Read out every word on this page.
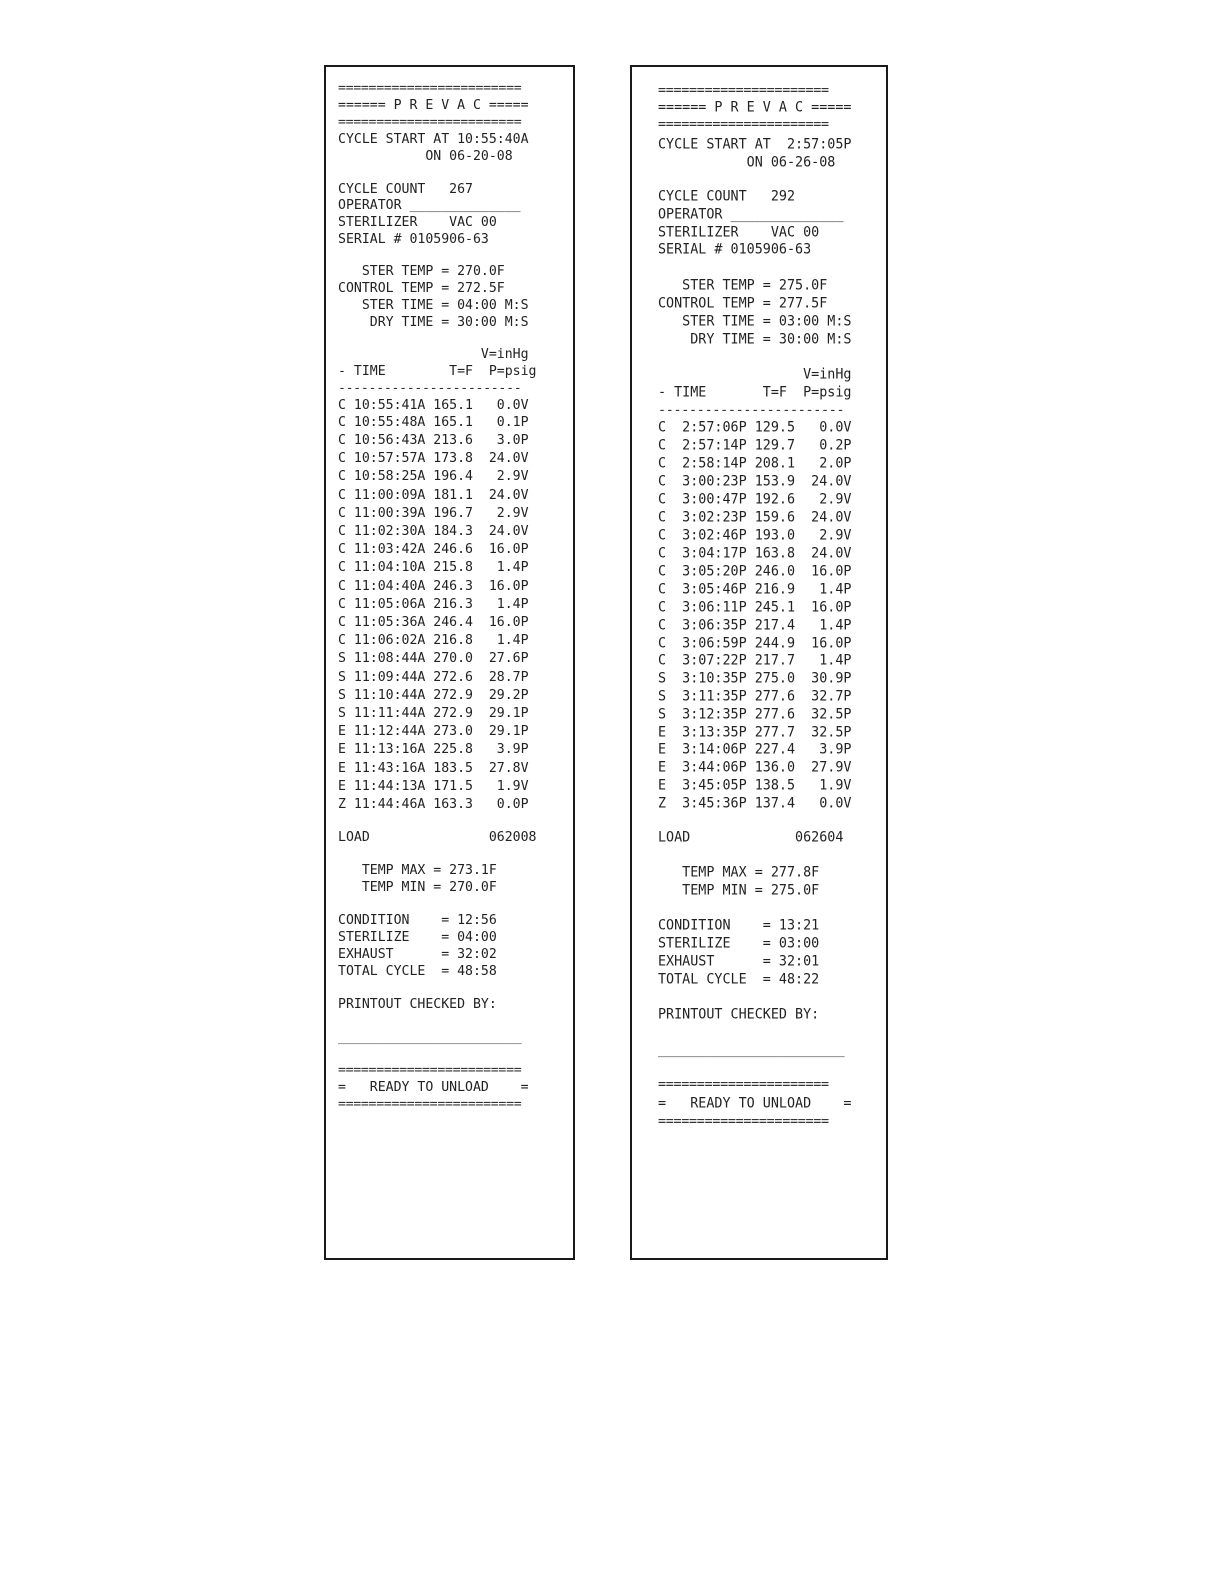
========================
====== P R E V A C =====
========================
CYCLE START AT 10:55:40A
ON 06-20-08
CYCLE COUNT   267
OPERATOR ______________
STERILIZER    VAC 00
SERIAL # 0105906-63
STER TEMP = 270.0F
CONTROL TEMP = 272.5F
STER TIME = 04:00 M:S
DRY TIME = 30:00 M:S
V=inHg
- TIME        T=F  P=psig
------------------------
C 10:55:41A 165.1   0.0V
C 10:55:48A 165.1   0.1P
C 10:56:43A 213.6   3.0P
C 10:57:57A 173.8  24.0V
C 10:58:25A 196.4   2.9V
C 11:00:09A 181.1  24.0V
C 11:00:39A 196.7   2.9V
C 11:02:30A 184.3  24.0V
C 11:03:42A 246.6  16.0P
C 11:04:10A 215.8   1.4P
C 11:04:40A 246.3  16.0P
C 11:05:06A 216.3   1.4P
C 11:05:36A 246.4  16.0P
C 11:06:02A 216.8   1.4P
S 11:08:44A 270.0  27.6P
S 11:09:44A 272.6  28.7P
S 11:10:44A 272.9  29.2P
S 11:11:44A 272.9  29.1P
E 11:12:44A 273.0  29.1P
E 11:13:16A 225.8   3.9P
E 11:43:16A 183.5  27.8V
E 11:44:13A 171.5   1.9V
Z 11:44:46A 163.3   0.0P
LOAD               062008
TEMP MAX = 273.1F
TEMP MIN = 270.0F
CONDITION    = 12:56
STERILIZE    = 04:00
EXHAUST      = 32:02
TOTAL CYCLE  = 48:58
PRINTOUT CHECKED BY:
________________________
========================
=   READY TO UNLOAD    =
========================
======================
====== P R E V A C =====
======================
CYCLE START AT  2:57:05P
ON 06-26-08
CYCLE COUNT   292
OPERATOR ______________
STERILIZER    VAC 00
SERIAL # 0105906-63
STER TEMP = 275.0F
CONTROL TEMP = 277.5F
STER TIME = 03:00 M:S
DRY TIME = 30:00 M:S
V=inHg
- TIME       T=F  P=psig
------------------------
C  2:57:06P 129.5   0.0V
C  2:57:14P 129.7   0.2P
C  2:58:14P 208.1   2.0P
C  3:00:23P 153.9  24.0V
C  3:00:47P 192.6   2.9V
C  3:02:23P 159.6  24.0V
C  3:02:46P 193.0   2.9V
C  3:04:17P 163.8  24.0V
C  3:05:20P 246.0  16.0P
C  3:05:46P 216.9   1.4P
C  3:06:11P 245.1  16.0P
C  3:06:35P 217.4   1.4P
C  3:06:59P 244.9  16.0P
C  3:07:22P 217.7   1.4P
S  3:10:35P 275.0  30.9P
S  3:11:35P 277.6  32.7P
S  3:12:35P 277.6  32.5P
E  3:13:35P 277.7  32.5P
E  3:14:06P 227.4   3.9P
E  3:44:06P 136.0  27.9V
E  3:45:05P 138.5   1.9V
Z  3:45:36P 137.4   0.0V
LOAD             062604
TEMP MAX = 277.8F
TEMP MIN = 275.0F
CONDITION    = 13:21
STERILIZE    = 03:00
EXHAUST      = 32:01
TOTAL CYCLE  = 48:22
PRINTOUT CHECKED BY:
________________________
======================
=   READY TO UNLOAD    =
======================
